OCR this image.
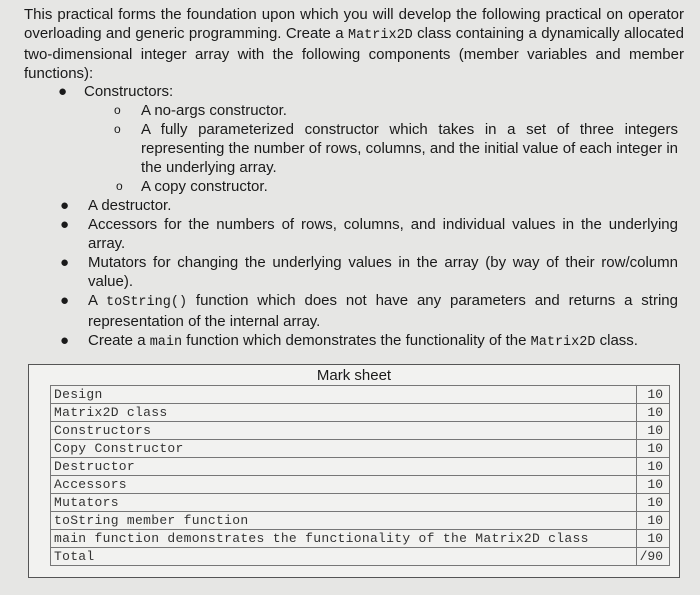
This practical forms the foundation upon which you will develop the following practical on operator overloading and generic programming. Create a Matrix2D class containing a dynamically allocated two-dimensional integer array with the following components (member variables and member functions):
● Constructors:
o A no-args constructor.
o A fully parameterized constructor which takes in a set of three integers representing the number of rows, columns, and the initial value of each integer in the underlying array.
o A copy constructor.
● A destructor.
● Accessors for the numbers of rows, columns, and individual values in the underlying array.
● Mutators for changing the underlying values in the array (by way of their row/column value).
● A toString() function which does not have any parameters and returns a string representation of the internal array.
● Create a main function which demonstrates the functionality of the Matrix2D class.
Mark sheet
Design	10
Matrix2D class	10
Constructors	10
Copy Constructor	10
Destructor	10
Accessors	10
Mutators	10
toString member function	10
main function demonstrates the functionality of the Matrix2D class	10
Total	/90
